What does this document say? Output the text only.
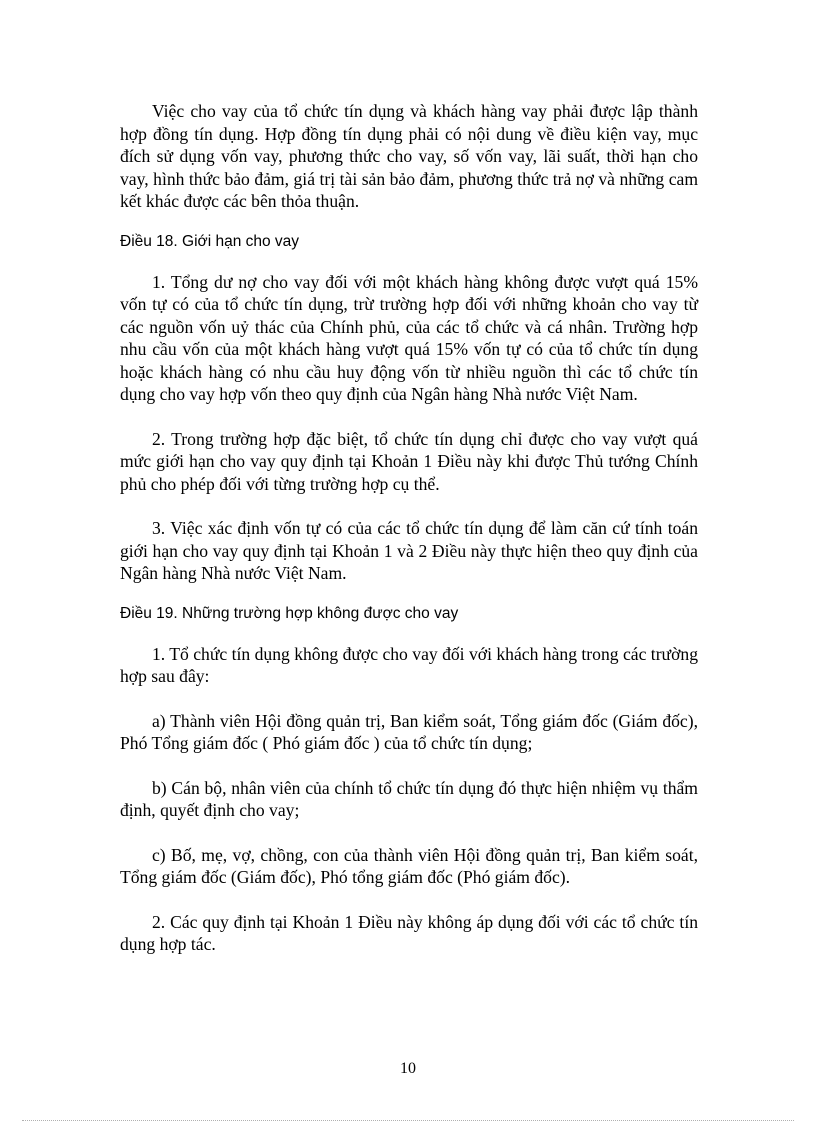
Việc cho vay của tổ chức tín dụng và khách hàng vay phải được lập thành hợp đồng tín dụng. Hợp đồng tín dụng phải có nội dung về điều kiện vay, mục đích sử dụng vốn vay, phương thức cho vay, số vốn vay, lãi suất, thời hạn cho vay, hình thức bảo đảm, giá trị tài sản bảo đảm, phương thức trả nợ và những cam kết khác được các bên thỏa thuận.

Điều 18. Giới hạn cho vay

1. Tổng dư nợ cho vay đối với một khách hàng không được vượt quá 15% vốn tự có của tổ chức tín dụng, trừ trường hợp đối với những khoản cho vay từ các nguồn vốn uỷ thác của Chính phủ, của các tổ chức và cá nhân. Trường hợp nhu cầu vốn của một khách hàng vượt quá 15% vốn tự có của tổ chức tín dụng hoặc khách hàng có nhu cầu huy động vốn từ nhiều nguồn thì các tổ chức tín dụng cho vay hợp vốn theo quy định của Ngân hàng Nhà nước Việt Nam.

2. Trong trường hợp đặc biệt, tổ chức tín dụng chỉ được cho vay vượt quá mức giới hạn cho vay quy định tại Khoản 1 Điều này khi được Thủ tướng Chính phủ cho phép đối với từng trường hợp cụ thể.

3. Việc xác định vốn tự có của các tổ chức tín dụng để làm căn cứ tính toán giới hạn cho vay quy định tại Khoản 1 và 2 Điều này thực hiện theo quy định của Ngân hàng Nhà nước Việt Nam.

Điều 19. Những trường hợp không được cho vay

1. Tổ chức tín dụng không được cho vay đối với khách hàng trong các trường hợp sau đây:

a) Thành viên Hội đồng quản trị, Ban kiểm soát, Tổng giám đốc (Giám đốc), Phó Tổng giám đốc ( Phó giám đốc ) của tổ chức tín dụng;

b) Cán bộ, nhân viên của chính tổ chức tín dụng đó thực hiện nhiệm vụ thẩm định, quyết định cho vay;

c) Bố, mẹ, vợ, chồng, con của thành viên Hội đồng quản trị, Ban kiểm soát, Tổng giám đốc (Giám đốc), Phó tổng giám đốc (Phó giám đốc).

2. Các quy định tại Khoản 1 Điều này không áp dụng đối với các tổ chức tín dụng hợp tác.

10
